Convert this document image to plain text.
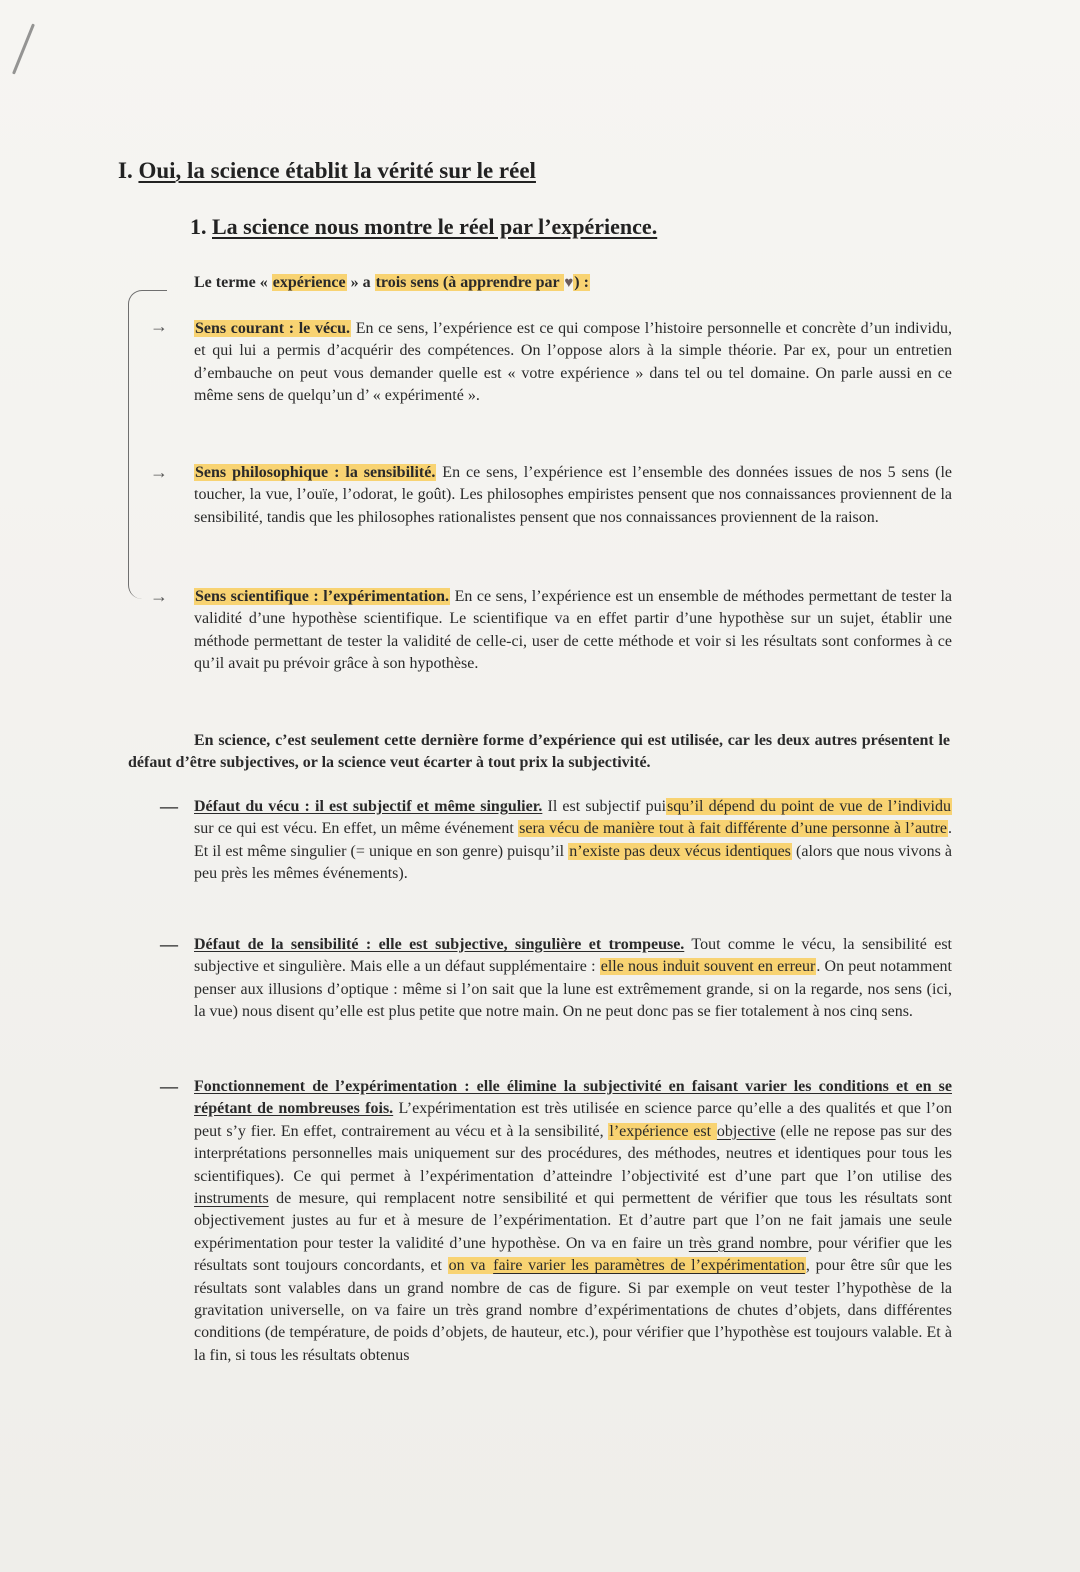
I. Oui, la science établit la vérité sur le réel
1. La science nous montre le réel par l’expérience.
Le terme « expérience » a trois sens (à apprendre par ♥) :
→ Sens courant : le vécu. En ce sens, l’expérience est ce qui compose l’histoire personnelle et concrète d’un individu, et qui lui a permis d’acquérir des compétences. On l’oppose alors à la simple théorie. Par ex, pour un entretien d’embauche on peut vous demander quelle est « votre expérience » dans tel ou tel domaine. On parle aussi en ce même sens de quelqu’un d’ « expérimenté ».
→ Sens philosophique : la sensibilité. En ce sens, l’expérience est l’ensemble des données issues de nos 5 sens (le toucher, la vue, l’ouïe, l’odorat, le goût). Les philosophes empiristes pensent que nos connaissances proviennent de la sensibilité, tandis que les philosophes rationalistes pensent que nos connaissances proviennent de la raison.
→ Sens scientifique : l’expérimentation. En ce sens, l’expérience est un ensemble de méthodes permettant de tester la validité d’une hypothèse scientifique. Le scientifique va en effet partir d’une hypothèse sur un sujet, établir une méthode permettant de tester la validité de celle-ci, user de cette méthode et voir si les résultats sont conformes à ce qu’il avait pu prévoir grâce à son hypothèse.
En science, c’est seulement cette dernière forme d’expérience qui est utilisée, car les deux autres présentent le défaut d’être subjectives, or la science veut écarter à tout prix la subjectivité.
— Défaut du vécu : il est subjectif et même singulier. Il est subjectif puisqu’il dépend du point de vue de l’individu sur ce qui est vécu. En effet, un même événement sera vécu de manière tout à fait différente d’une personne à l’autre. Et il est même singulier (= unique en son genre) puisqu’il n’existe pas deux vécus identiques (alors que nous vivons à peu près les mêmes événements).
— Défaut de la sensibilité : elle est subjective, singulière et trompeuse. Tout comme le vécu, la sensibilité est subjective et singulière. Mais elle a un défaut supplémentaire : elle nous induit souvent en erreur. On peut notamment penser aux illusions d’optique : même si l’on sait que la lune est extrêmement grande, si on la regarde, nos sens (ici, la vue) nous disent qu’elle est plus petite que notre main. On ne peut donc pas se fier totalement à nos cinq sens.
— Fonctionnement de l’expérimentation : elle élimine la subjectivité en faisant varier les conditions et en se répétant de nombreuses fois. L’expérimentation est très utilisée en science parce qu’elle a des qualités et que l’on peut s’y fier. En effet, contrairement au vécu et à la sensibilité, l’expérience est objective (elle ne repose pas sur des interprétations personnelles mais uniquement sur des procédures, des méthodes, neutres et identiques pour tous les scientifiques). Ce qui permet à l’expérimentation d’atteindre l’objectivité est d’une part que l’on utilise des instruments de mesure, qui remplacent notre sensibilité et qui permettent de vérifier que tous les résultats sont objectivement justes au fur et à mesure de l’expérimentation. Et d’autre part que l’on ne fait jamais une seule expérimentation pour tester la validité d’une hypothèse. On va en faire un très grand nombre, pour vérifier que les résultats sont toujours concordants, et on va faire varier les paramètres de l’expérimentation, pour être sûr que les résultats sont valables dans un grand nombre de cas de figure. Si par exemple on veut tester l’hypothèse de la gravitation universelle, on va faire un très grand nombre d’expérimentations de chutes d’objets, dans différentes conditions (de température, de poids d’objets, de hauteur, etc.), pour vérifier que l’hypothèse est toujours valable. Et à la fin, si tous les résultats obtenus
